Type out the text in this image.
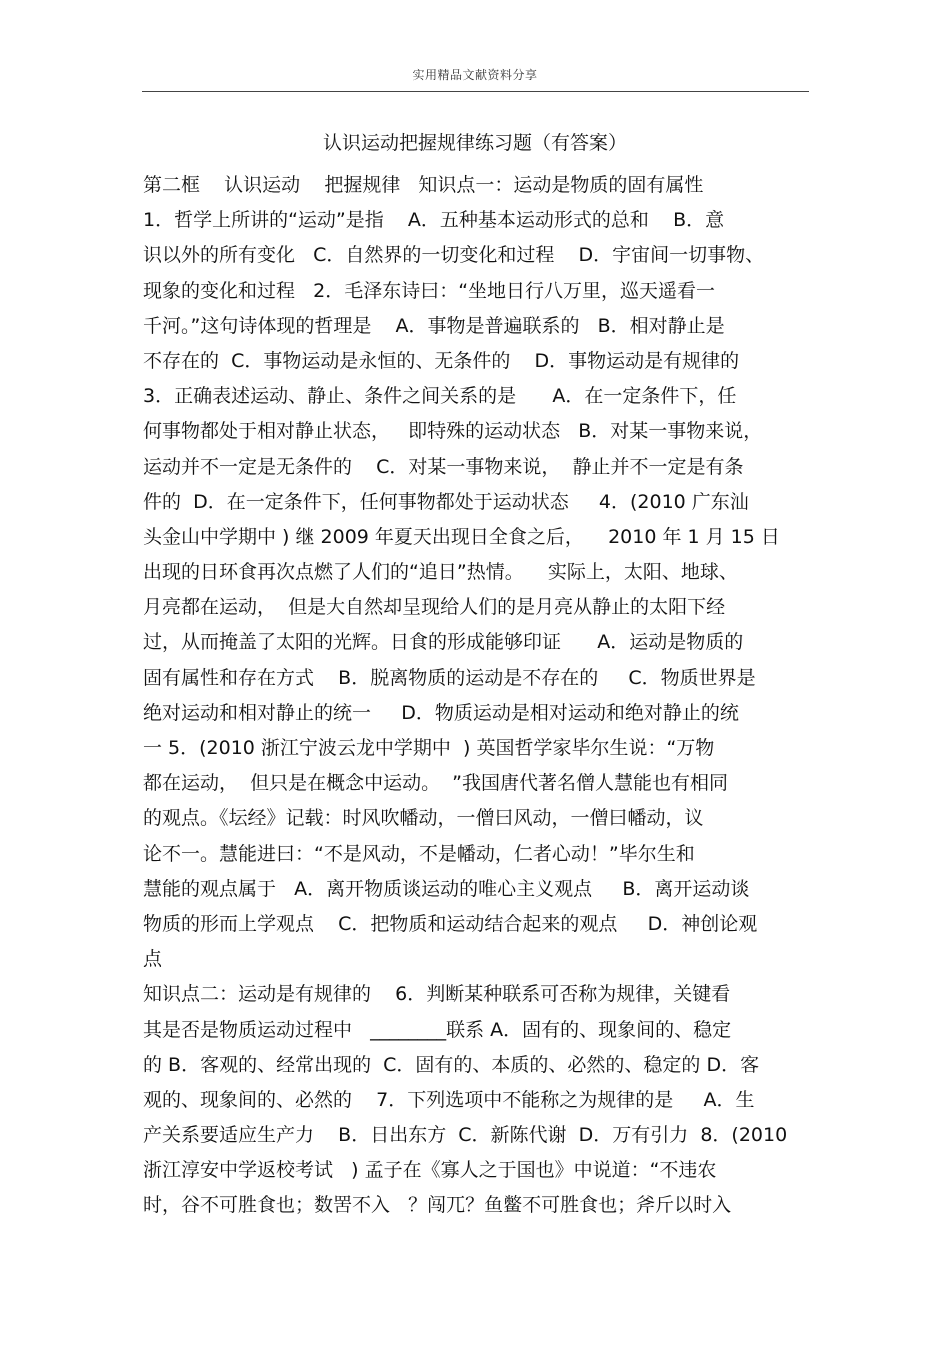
实用精品文献资料分享
认识运动把握规律练习题（有答案）
第二框    认识运动    把握规律   知识点一：运动是物质的固有属性
1．哲学上所讲的“运动”是指    A．五种基本运动形式的总和    B．意
识以外的所有变化   C．自然界的一切变化和过程    D．宇宙间一切事物、
现象的变化和过程   2．毛泽东诗曰：“坐地日行八万里，巡天遥看一
千河。”这句诗体现的哲理是    A．事物是普遍联系的   B．相对静止是
不存在的  C．事物运动是永恒的、无条件的    D．事物运动是有规律的
3．正确表述运动、静止、条件之间关系的是      A．在一定条件下，任
何事物都处于相对静止状态，   即特殊的运动状态   B．对某一事物来说，
运动并不一定是无条件的    C．对某一事物来说，  静止并不一定是有条
件的  D．在一定条件下，任何事物都处于运动状态     4．(2010 广东汕
头金山中学期中 ) 继 2009 年夏天出现日全食之后，    2010 年 1 月 15 日
出现的日环食再次点燃了人们的“追日”热情。    实际上，太阳、地球、
月亮都在运动，  但是大自然却呈现给人们的是月亮从静止的太阳下经
过，从而掩盖了太阳的光辉。日食的形成能够印证      A．运动是物质的
固有属性和存在方式    B．脱离物质的运动是不存在的     C．物质世界是
绝对运动和相对静止的统一     D．物质运动是相对运动和绝对静止的统
一 5．(2010 浙江宁波云龙中学期中  ) 英国哲学家毕尔生说：“万物
都在运动，  但只是在概念中运动。  ”我国唐代著名僧人慧能也有相同
的观点。《坛经》记载：时风吹幡动，一僧曰风动，一僧曰幡动，议
论不一。慧能进曰：“不是风动，不是幡动，仁者心动！”毕尔生和
慧能的观点属于   A．离开物质谈运动的唯心主义观点     B．离开运动谈
物质的形而上学观点    C．把物质和运动结合起来的观点     D．神创论观
点
知识点二：运动是有规律的    6．判断某种联系可否称为规律，关键看
其是否是物质运动过程中   ________联系 A．固有的、现象间的、稳定
的 B．客观的、经常出现的  C．固有的、本质的、必然的、稳定的 D．客
观的、现象间的、必然的    7．下列选项中不能称之为规律的是     A．生
产关系要适应生产力    B．日出东方  C．新陈代谢  D．万有引力  8．(2010
浙江淳安中学返校考试   ) 孟子在《寡人之于国也》中说道：“不违农
时，谷不可胜食也；数罟不入   ？闯兀？鱼鳖不可胜食也；斧斤以时入
